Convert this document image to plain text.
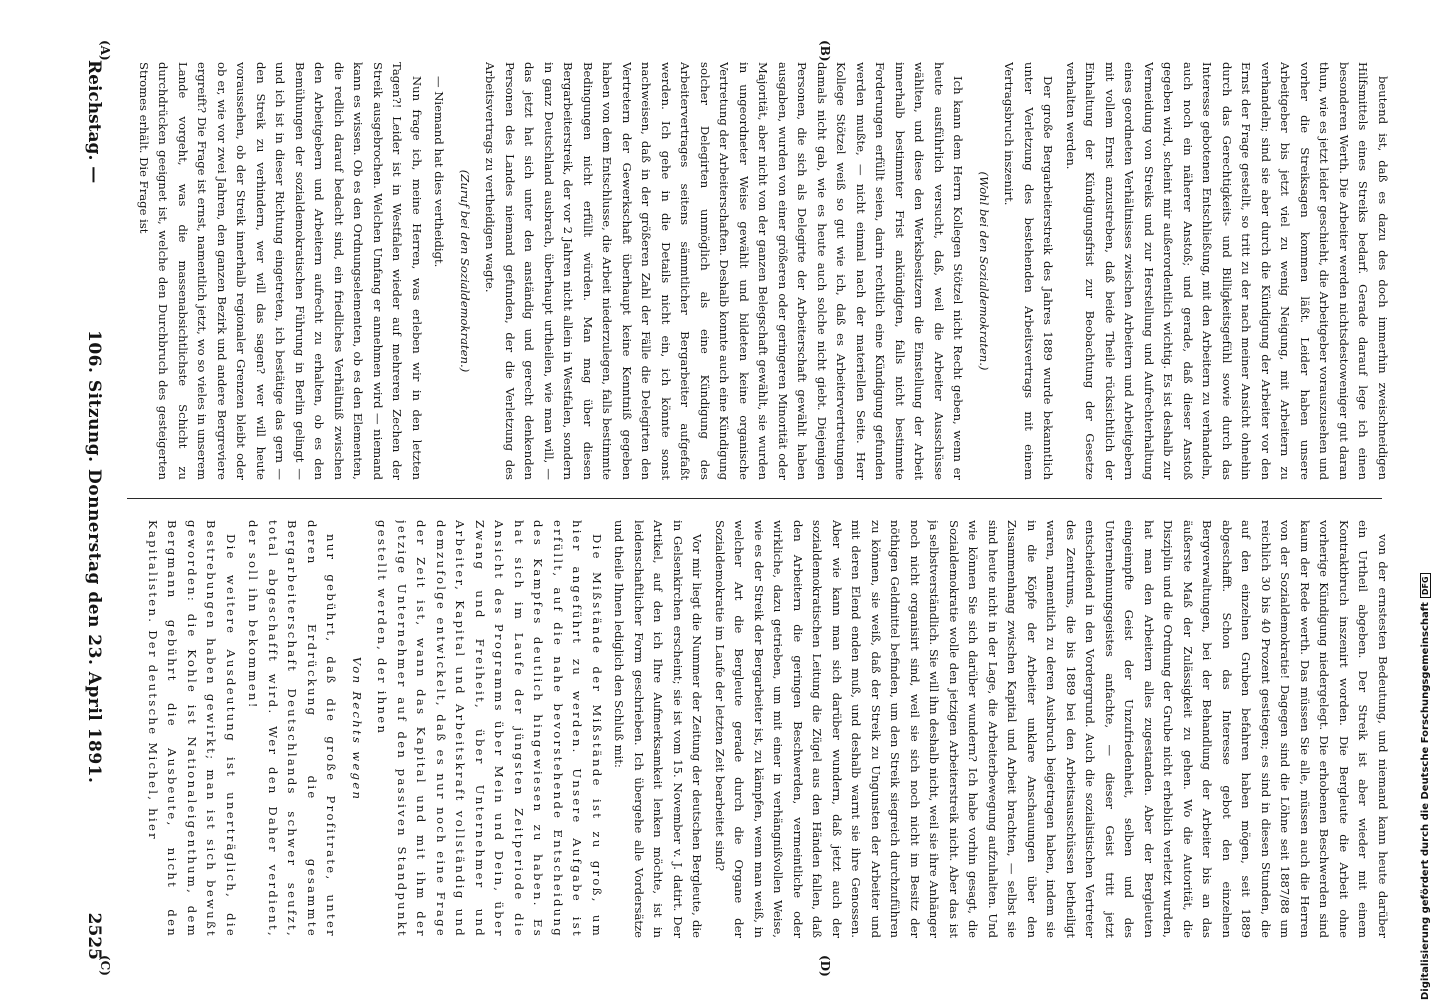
Reichstag. —
106. Sitzung. Donnerstag den 23. April 1891.
2525
(A)	(B)
(C)	(D)

beutend ist, daß es dazu des doch immerhin zweischneidigen Hilfsmittels eines Streiks bedarf. Gerade darauf lege ich einen besonderen Werth. Die Arbeiter werden nichtsdestoweniger gut daran thun, wie es jetzt leider geschieht, die Arbeitgeber vorauszusehen und vorher die Streiksagen kommen läßt. Leider haben unsere Arbeitgeber bis jetzt viel zu wenig Neigung, mit Arbeitern zu verhandeln; sind sie aber durch die Kündigung der Arbeiter vor den Ernst der Frage gestellt, so tritt zu der nach meiner Ansicht ohnehin durch das Gerechtigkeits- und Billigkeitsgefühl sowie durch das Interesse gebotenen Entschließung, mit den Arbeitern zu verhandeln, auch noch ein näherer Anstoß; und gerade, daß dieser Anstoß gegeben wird, scheint mir außerordentlich wichtig. Es ist deshalb zur Vermeidung von Streiks und zur Herstellung und Aufrechterhaltung eines geordneten Verhältnisses zwischen Arbeitern und Arbeitgebern mit vollem Ernst anzustreben, daß beide Theile rücksichtlich der Einhaltung der Kündigungsfrist zur Beobachtung der Gesetze verhalten werden.

Der große Bergarbeiterstreik des Jahres 1889 wurde bekanntlich unter Verletzung des bestehenden Arbeitsvertrags mit einem Vertragsbruch inszenirt.

(Wohl bei den Sozialdemokraten.)

Ich kann dem Herrn Kollegen Stötzel nicht Recht geben, wenn er heute ausführlich versucht, daß, weil die Arbeiter Ausschüsse wählten, und diese den Werksbesitzern die Einstellung der Arbeit innerhalb bestimmter Frist ankündigten, falls nicht bestimmte Forderungen erfüllt seien, darin rechtlich eine Kündigung gefunden werden mußte, — nicht einmal nach der materiellen Seite. Herr Kollege Stötzel weiß so gut wie ich, daß es Arbeitervertretungen damals nicht gab, wie es heute auch solche nicht giebt. Diejenigen Personen, die sich als Delegirte der Arbeiterschaft gewählt haben ausgaben, wurden von einer größeren oder geringeren Minorität oder Majorität, aber nicht von der ganzen Belegschaft gewählt, sie wurden in ungeordneter Weise gewählt und bildeten keine organische Vertretung der Arbeiterschaften. Deshalb konnte auch eine Kündigung solcher Delegirten unmöglich als eine Kündigung des Arbeitervertrages seitens sämmtlicher Bergarbeiter aufgefaßt werden. Ich gehe in die Details nicht ein, ich könnte sonst nachweisen, daß in der größeren Zahl der Fälle die Delegirten den Vertretern der Gewerkschaft überhaupt keine Kenntniß gegeben haben von dem Entschlusse, die Arbeit niederzulegen, falls bestimmte Bedingungen nicht erfüllt würden. Man mag über diesen Bergarbeiterstreik, der vor 2 Jahren nicht allein in Westfalen, sondern in ganz Deutschland ausbrach, überhaupt urtheilen, wie man will, — das jetzt hat sich unter den anständig und gerecht denkenden Personen des Landes niemand gefunden, der die Verletzung des Arbeitsvertrags zu vertheidigen wagte.

(Zuruf bei den Sozialdemokraten.)

— Niemand hat dies vertheidigt.

Nun frage ich, meine Herren, was erleben wir in den letzten Tagen?! Leider ist in Westfalen wieder auf mehreren Zechen der Streik ausgebrochen. Welchen Umfang er annehmen wird — niemand kann es wissen. Ob es den Ordnungselementen, ob es den Elementen, die redlich darauf bedacht sind, ein friedliches Verhältniß zwischen den Arbeitgebern und Arbeitern aufrecht zu erhalten, ob es den Bemühungen der sozialdemokratischen Führung in Berlin gelingt — und ich ist in dieser Richtung eingetreten, ich bestätige das gern — den Streik zu verhindern, wer will das sagen? wer will heute voraussehen, ob der Streik innerhalb regionaler Grenzen bleibt oder ob er, wie vor zwei Jahren, den ganzen Bezirk und andere Bergreviere ergreift? Die Frage ist ernst, namentlich jetzt, wo so vieles in unserem Lande vorgeht, was die massenabsichtlichste Schicht zu durchdrücken geeignet ist, welche den Durchbruch des gesteigerten Stromes erhält. Die Frage ist

von der ernstesten Bedeutung, und niemand kann heute darüber ein Urtheil abgeben. Der Streik ist aber wieder mit einem Kontraktbruch inszenirt worden. Die Bergleute die Arbeit ohne vorherige Kündigung niedergelegt. Die erhobenen Beschwerden sind kaum der Rede werth. Das müssen Sie alle, müssen auch die Herren von der Sozialdemokratie! Dagegen sind die Löhne seit 1887/88 um reichlich 30 bis 40 Prozent gestiegen; es sind in diesen Stunden, die auf den einzelnen Gruben befahren haben mögen, seit 1889 abgeschafft. Schon das Interesse gebot den einzelnen Bergverwaltungen, bei der Behandlung der Arbeiter bis an das äußerste Maß der Zulässigkeit zu gehen. Wo die Autorität, die Disziplin und die Ordnung der Grube nicht erheblich verletzt wurden, hat man den Arbeitern alles zugestanden. Aber der Bergleuten eingeimpfte Geist der Unzufriedenheit, selben und des Unternehmungsgeistes anfachte, — dieser Geist tritt jetzt entscheidend in den Vordergrund. Auch die sozialistischen Vertreter des Zentrums, die bis 1889 bei den Arbeitsausschüssen betheiligt waren, namentlich zu deren Ausbruch beigetragen haben, indem sie in die Köpfe der Arbeiter unklare Anschauungen über den Zusammenhang zwischen Kapital und Arbeit brachten, — selbst sie sind heute nicht in der Lage, die Arbeiterbewegung aufzuhalten. Und wie können Sie sich darüber wundern? Ich habe vorhin gesagt, die Sozialdemokratie wolle den jetzigen Arbeiterstreik nicht. Aber das ist ja selbstverständlich. Sie will ihn deshalb nicht, weil sie ihre Anhänger noch nicht organisirt sind, weil sie sich noch nicht im Besitz der nöthigen Geldmittel befinden, um den Streik siegreich durchzuführen zu können, sie weiß, daß der Streik zu Ungunsten der Arbeiter und mit deren Elend enden muß, und deshalb warnt sie ihre Genossen. Aber wie kann man sich darüber wundern, daß jetzt auch der sozialdemokratischen Leitung die Zügel aus den Händen fallen, daß den Arbeitern die geringen Beschwerden, vermeintliche oder wirkliche, dazu getrieben, um mit einer in verhängnißvollen Weise, wie es der Streik der Bergarbeiter ist, zu kämpfen, wenn man weiß, in welcher Art die Bergleute gerade durch die Organe der Sozialdemokratie im Laufe der letzten Zeit bearbeitet sind?

Vor mir liegt die Nummer der Zeitung der deutschen Bergleute, die in Gelsenkirchen erscheint; sie ist vom 15. November v. J. datirt. Der Artikel, auf den ich Ihre Aufmerksamkeit lenken möchte, ist in leidenschaftlicher Form geschrieben. Ich übergehe alle Vordersätze und theile Ihnen lediglich den Schluß mit:

Die Mißstände der Mißstände ist zu groß, um hier angeführt zu werden. Unsere Aufgabe ist erfüllt, auf die nahe bevorstehende Entscheidung des Kampfes deutlich hingewiesen zu haben. Es hat sich im Laufe der jüngsten Zeitperiode die Ansicht des Programms über Mein und Dein, über Zwang und Freiheit, über Unternehmer und Arbeiter, Kapital und Arbeitskraft vollständig und demzufolge entwickelt, daß es nur noch eine Frage der Zeit ist, wann das Kapital und mit ihm der jetzige Unternehmer auf den passiven Standpunkt gestellt werden, der ihnen

Von Rechts wegen

nur gebührt, daß die große Profitrate, unter deren Erdrückung die gesammte Bergarbeiterschaft Deutschlands schwer seufzt, total abgeschafft wird. Wer den Daher verdient, der soll ihn bekommen!

Die weitere Ausdeutung ist unerträglich, die Bestrebungen haben gewirkt; man ist sich bewußt geworden: die Kohle ist Nationaleigenthum, dem Bergmann gebührt die Ausbeute, nicht den Kapitalisten. Der deutsche Michel, hier	Digitalisierung gefördert durch die Deutsche ForschungsgemeinschaftDFG
